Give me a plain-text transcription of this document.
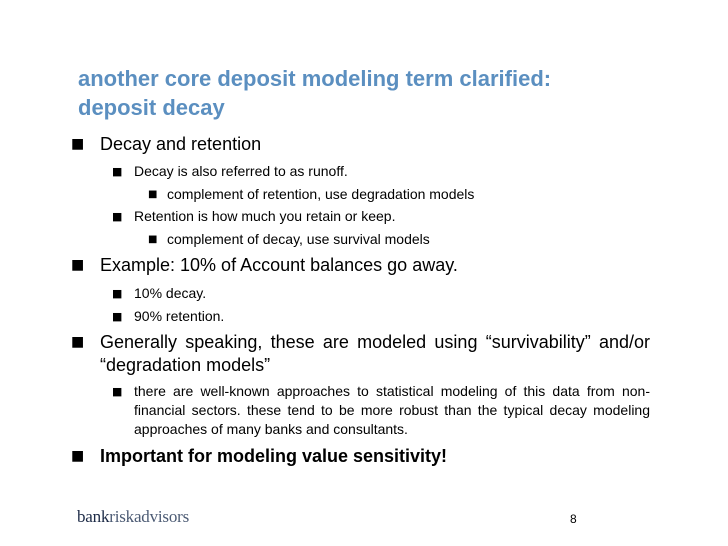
another core deposit modeling term clarified:
deposit decay
■ Decay and retention
■ Decay is also referred to as runoff.
■ complement of retention, use degradation models
■ Retention is how much you retain or keep.
■ complement of decay, use survival models
■ Example: 10% of Account balances go away.
■ 10% decay.
■ 90% retention.
■ Generally speaking, these are modeled using “survivability” and/or “degradation models”
■ there are well-known approaches to statistical modeling of this data from non-financial sectors. these tend to be more robust than the typical decay modeling approaches of many banks and consultants.
■ Important for modeling value sensitivity!
bankriskadvisors	8
